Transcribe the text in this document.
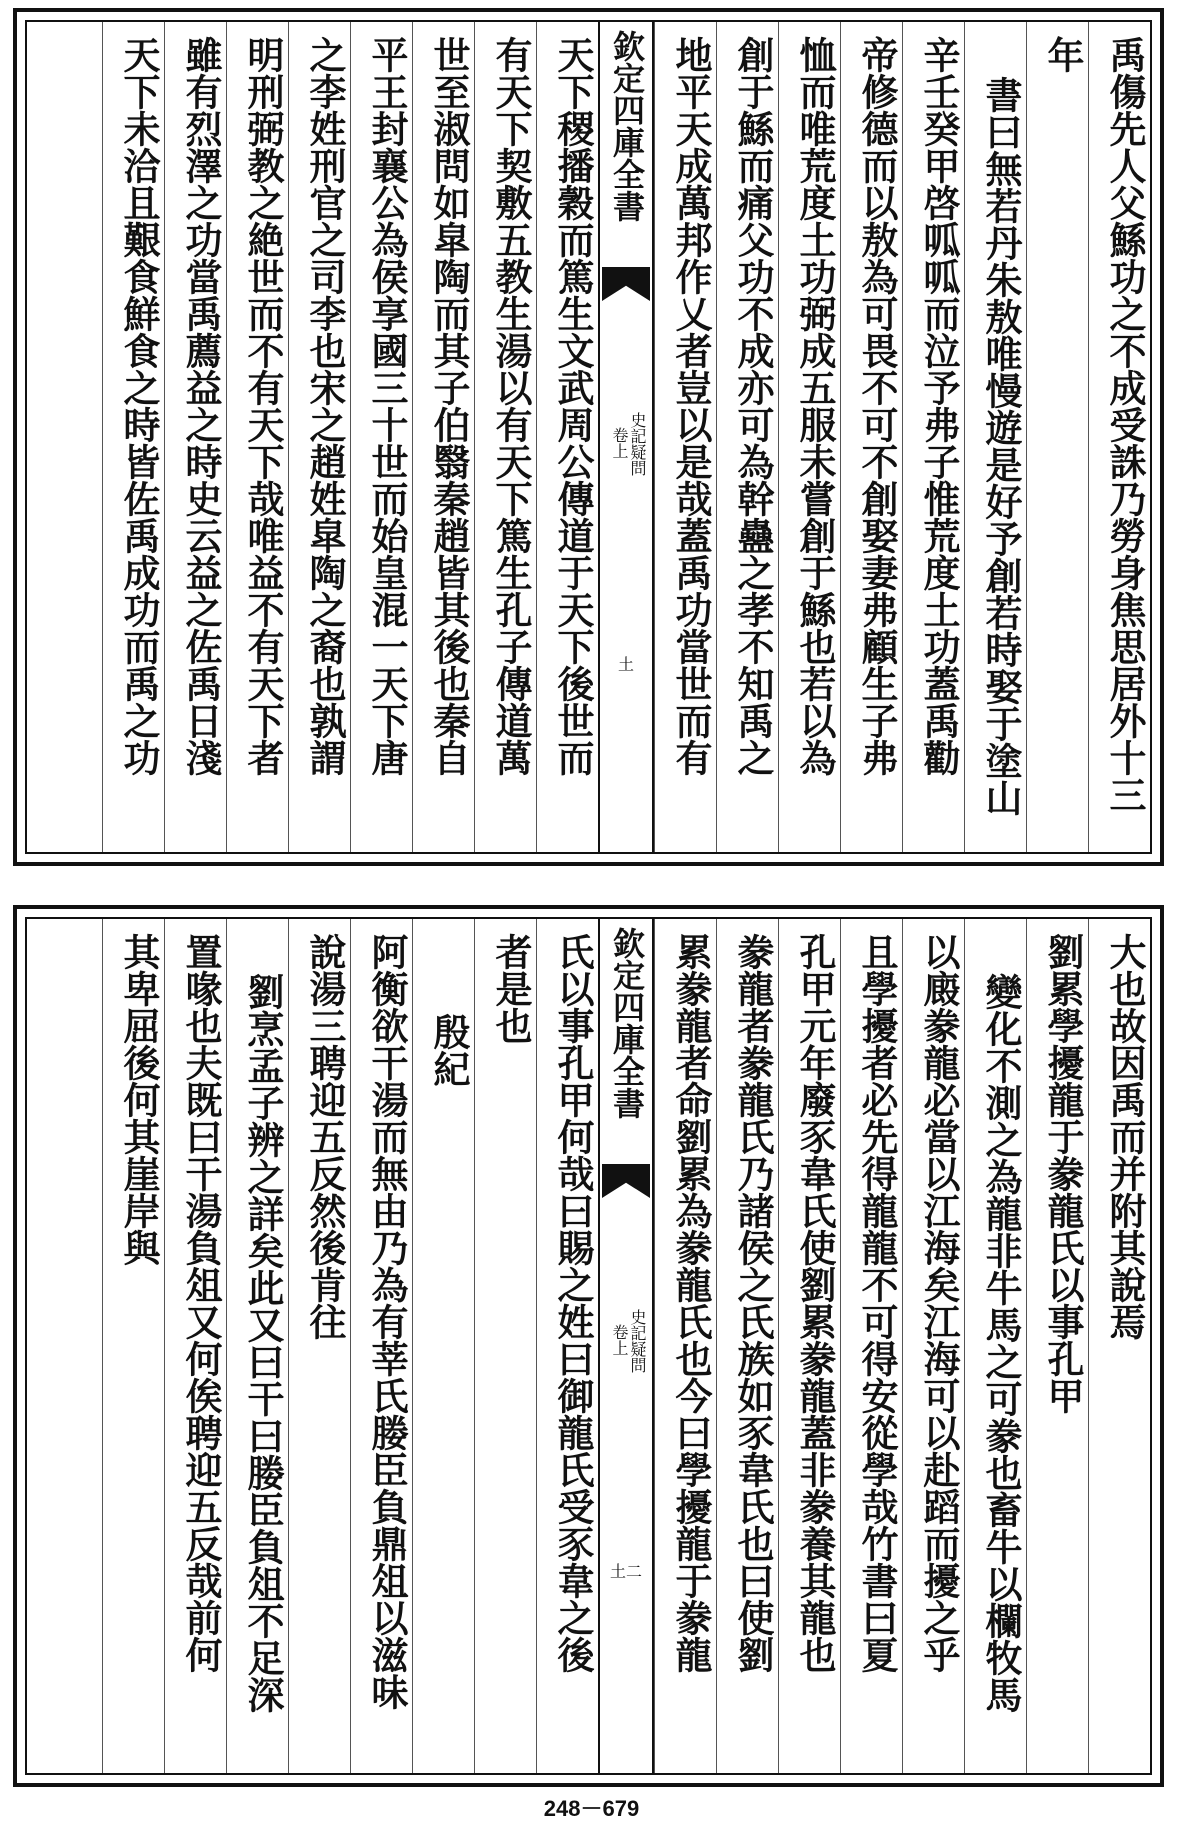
禹傷先人父鯀功之不成受誅乃勞身焦思居外十三
年
書曰無若丹朱敖唯慢遊是好予創若時娶于塗山
辛壬癸甲啓呱呱而泣予弗子惟荒度土功蓋禹勸
帝修德而以敖為可畏不可不創娶妻弗顧生子弗
恤而唯荒度土功弼成五服未嘗創于鯀也若以為
創于鯀而痛父功不成亦可為幹蠱之孝不知禹之
地平天成萬邦作乂者豈以是哉蓋禹功當世而有
欽定四庫全書
史記疑問
卷上
土
天下稷播穀而篤生文武周公傳道于天下後世而
有天下契敷五教生湯以有天下篤生孔子傳道萬
世至淑問如皐陶而其子伯翳秦趙皆其後也秦自
平王封襄公為侯享國三十世而始皇混一天下唐
之李姓刑官之司李也宋之趙姓皐陶之裔也孰謂
明刑弼教之絶世而不有天下哉唯益不有天下者
雖有烈澤之功當禹薦益之時史云益之佐禹日淺
天下未洽且艱食鮮食之時皆佐禹成功而禹之功
大也故因禹而并附其說焉
劉累學擾龍于豢龍氏以事孔甲
變化不測之為龍非牛馬之可豢也畜牛以欄牧馬
以廄豢龍必當以江海矣江海可以赴蹈而擾之乎
且學擾者必先得龍龍不可得安從學哉竹書曰夏
孔甲元年廢豕韋氏使劉累豢龍蓋非豢養其龍也
豢龍者豢龍氏乃諸侯之氏族如豕韋氏也曰使劉
累豢龍者命劉累為豢龍氏也今曰學擾龍于豢龍
欽定四庫全書
史記疑問
卷上
土二
氏以事孔甲何哉曰賜之姓曰御龍氏受豕韋之後
者是也
殷紀
阿衡欲干湯而無由乃為有莘氏媵臣負鼎俎以滋味
說湯三聘迎五反然後肯往
劉烹孟子辨之詳矣此又曰干曰媵臣負俎不足深
置喙也夫既曰干湯負俎又何俟聘迎五反哉前何
其卑屈後何其崖岸與
248－679
